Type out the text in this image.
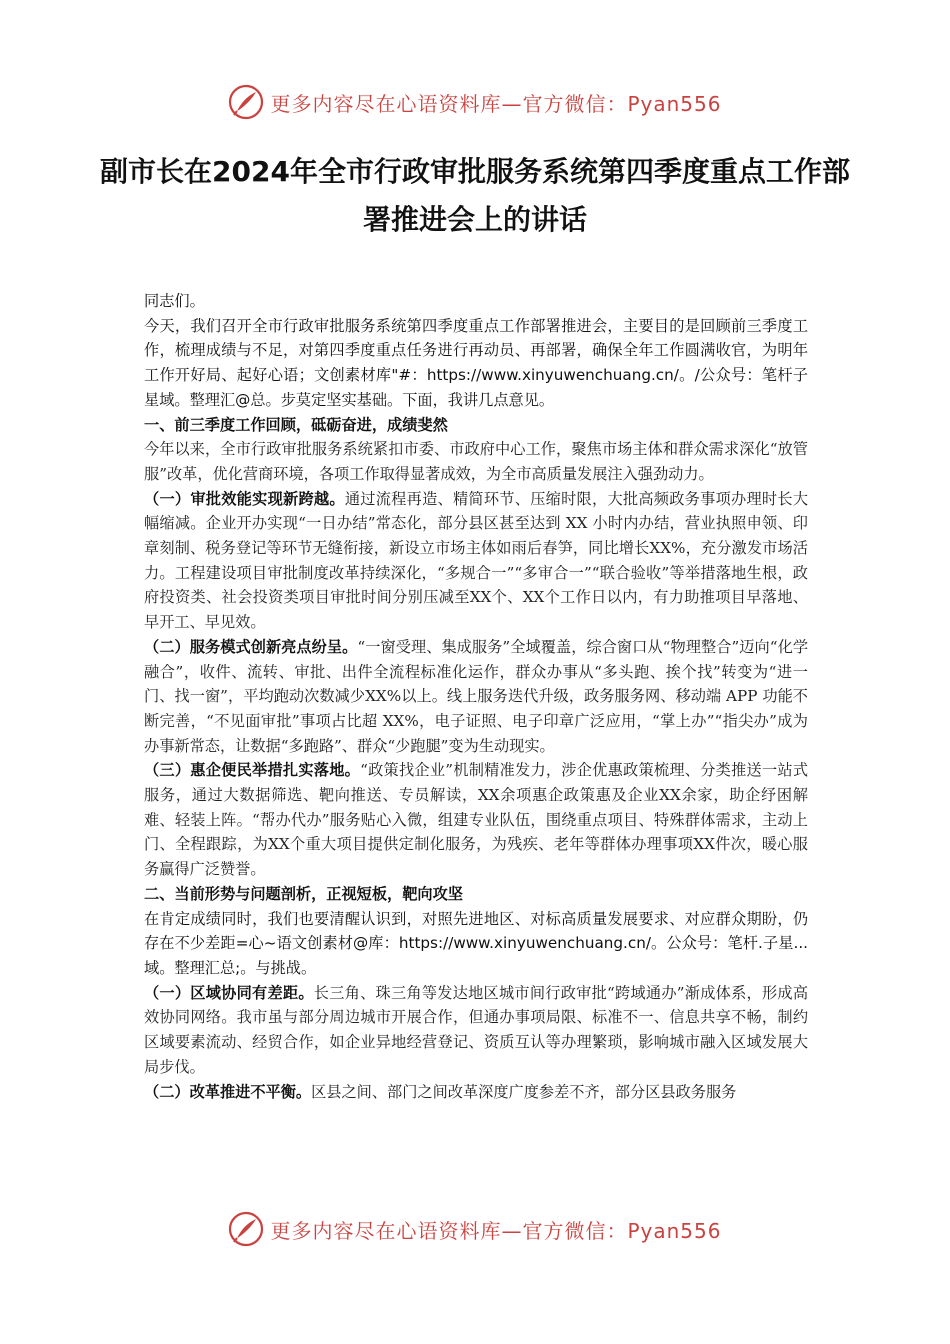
更多内容尽在心语资料库—官方微信：Pyan556
副市长在2024年全市行政审批服务系统第四季度重点工作部署推进会上的讲话

同志们。

今天，我们召开全市行政审批服务系统第四季度重点工作部署推进会，主要目的是回顾前三季度工作，梳理成绩与不足，对第四季度重点任务进行再动员、再部署，确保全年工作圆满收官，为明年工作开好局、起好心语；文创素材库"#：https://www.xinyuwenchuang.cn/。/公众号：笔杆子星域。整理汇@总。步莫定坚实基础。下面，我讲几点意见。

一、前三季度工作回顾，砥砺奋进，成绩斐然

今年以来，全市行政审批服务系统紧扣市委、市政府中心工作，聚焦市场主体和群众需求深化“放管服”改革，优化营商环境，各项工作取得显著成效，为全市高质量发展注入强劲动力。

（一）审批效能实现新跨越。通过流程再造、精简环节、压缩时限，大批高频政务事项办理时长大幅缩减。企业开办实现“一日办结”常态化，部分县区甚至达到 XX 小时内办结，营业执照申领、印章刻制、税务登记等环节无缝衔接，新设立市场主体如雨后春笋，同比增长XX%，充分激发市场活力。工程建设项目审批制度改革持续深化，“多规合一”“多审合一”“联合验收”等举措落地生根，政府投资类、社会投资类项目审批时间分别压减至XX个、XX个工作日以内，有力助推项目早落地、早开工、早见效。

（二）服务模式创新亮点纷呈。“一窗受理、集成服务”全域覆盖，综合窗口从“物理整合”迈向“化学融合”，收件、流转、审批、出件全流程标准化运作，群众办事从“多头跑、挨个找”转变为“进一门、找一窗”，平均跑动次数减少XX%以上。线上服务迭代升级，政务服务网、移动端 APP 功能不断完善，“不见面审批”事项占比超 XX%，电子证照、电子印章广泛应用，“掌上办”“指尖办”成为办事新常态，让数据“多跑路”、群众“少跑腿”变为生动现实。

（三）惠企便民举措扎实落地。“政策找企业”机制精准发力，涉企优惠政策梳理、分类推送一站式服务，通过大数据筛选、靶向推送、专员解读，XX余项惠企政策惠及企业XX余家，助企纾困解难、轻装上阵。“帮办代办”服务贴心入微，组建专业队伍，围绕重点项目、特殊群体需求，主动上门、全程跟踪，为XX个重大项目提供定制化服务，为残疾、老年等群体办理事项XX件次，暖心服务赢得广泛赞誉。

二、当前形势与问题剖析，正视短板，靶向攻坚

在肯定成绩同时，我们也要清醒认识到，对照先进地区、对标高质量发展要求、对应群众期盼，仍存在不少差距=心~语文创素材@库：https://www.xinyuwenchuang.cn/。公众号：笔杆.子星...域。整理汇总;。与挑战。

（一）区域协同有差距。长三角、珠三角等发达地区城市间行政审批“跨域通办”渐成体系，形成高效协同网络。我市虽与部分周边城市开展合作，但通办事项局限、标准不一、信息共享不畅，制约区域要素流动、经贸合作，如企业异地经营登记、资质互认等办理繁琐，影响城市融入区域发展大局步伐。

（二）改革推进不平衡。区县之间、部门之间改革深度广度参差不齐，部分区县政务服务

更多内容尽在心语资料库—官方微信：Pyan556
